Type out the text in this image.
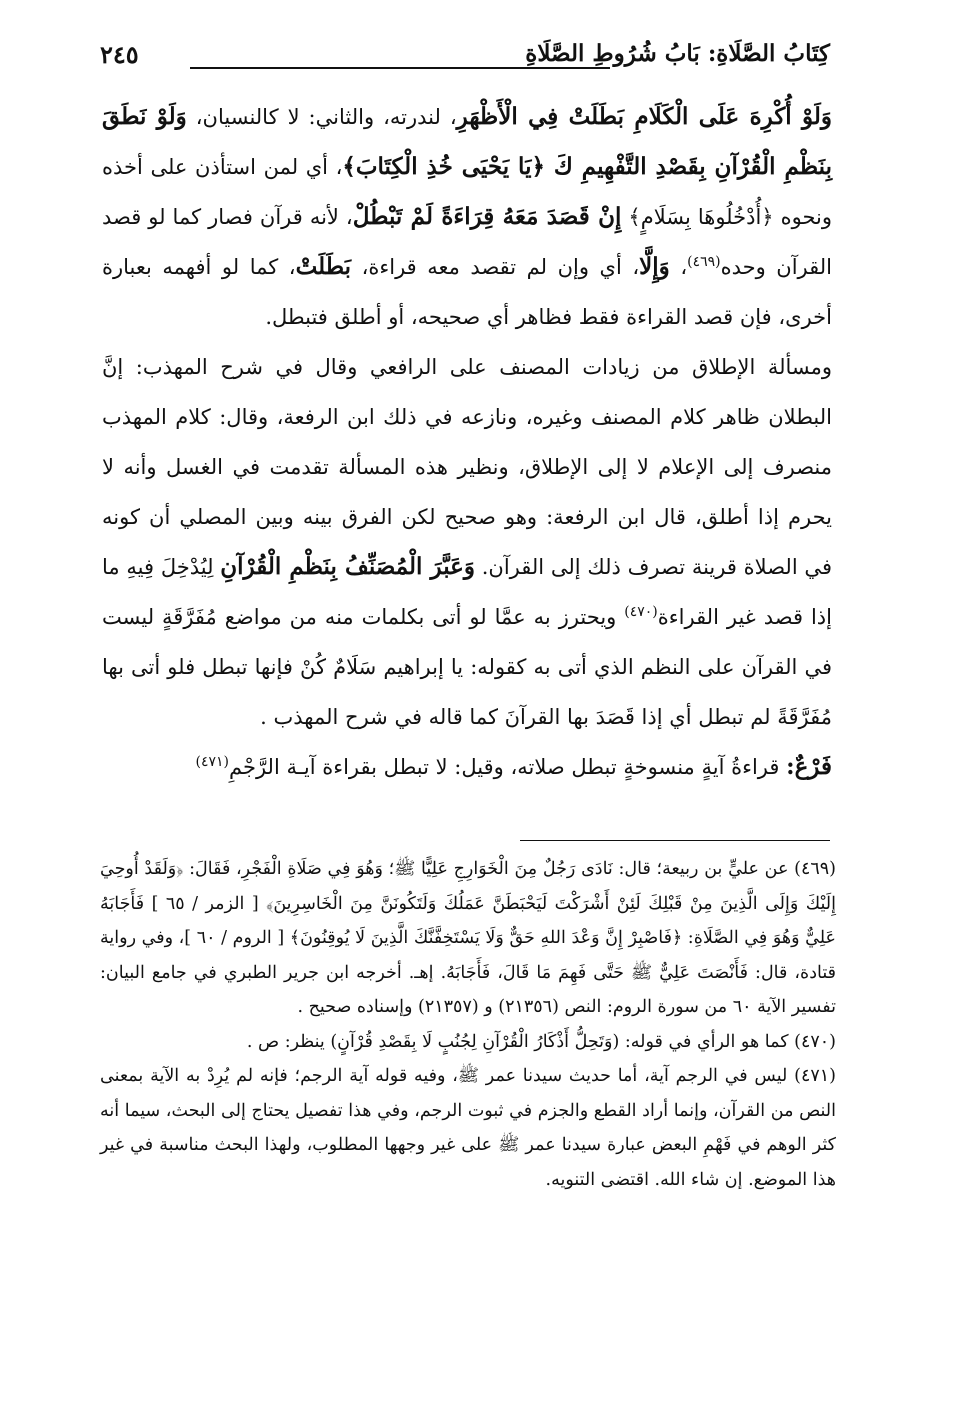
كِتَابُ الصَّلَاةِ: بَابُ شُرُوطِ الصَّلَاةِ
٢٤٥

وَلَوْ أُكْرِهَ عَلَى الْكَلَامِ بَطَلَتْ فِي الْأَظْهَرِ، لندرته، والثاني: لا كالنسيان، وَلَوْ نَطَقَ بِنَظْمِ الْقُرْآنِ بِقَصْدِ التَّفْهِيمِ كَ ﴿يَا يَحْيَى خُذِ الْكِتَابَ﴾، أي لمن استأذن على أخذه ونحوه ﴿أُدْخُلُوهَا بِسَلَامٍ﴾ إِنْ قَصَدَ مَعَهُ قِرَاءَةً لَمْ تَبْطُلْ، لأنه قرآن فصار كما لو قصد القرآن وحده$^{(٤٦٩)}$، وَإِلَّا، أي وإن لم تقصد معه قراءة، بَطَلَتْ، كما لو أفهمه بعبارة أخرى، فإن قصد القراءة فقط فظاهر أي صحيحه، أو أطلق فتبطل.

ومسألة الإطلاق من زيادات المصنف على الرافعي وقال في شرح المهذب: إنَّ البطلان ظاهر كلام المصنف وغيره، ونازعه في ذلك ابن الرفعة، وقال: كلام المهذب منصرف إلى الإعلام لا إلى الإطلاق، ونظير هذه المسألة تقدمت في الغسل وأنه لا يحرم إذا أطلق، قال ابن الرفعة: وهو صحيح لكن الفرق بينه وبين المصلي أن كونه في الصلاة قرينة تصرف ذلك إلى القرآن. وَعَبَّرَ الْمُصَنِّفُ بِنَظْمِ الْقُرْآنِ لِيُدْخِلَ فِيهِ ما إذا قصد غير القراءة$^{(٤٧٠)}$ ويحترز به عمَّا لو أتى بكلمات منه من مواضع مُفَرَّقَةٍ ليست في القرآن على النظم الذي أتى به كقوله: يا إبراهيم سَلَامٌ كُنْ فإنها تبطل فلو أتى بها مُفَرَّقَةً لم تبطل أي إذا قَصَدَ بها القرآنَ كما قاله في شرح المهذب .

فَرْعٌ: قراءةُ آيةٍ منسوخةٍ تبطل صلاته، وقيل: لا تبطل بقراءة آيـة الرَّجْمِ$^{(٤٧١)}$

(٤٦٩) عن عليٍّ بن ربيعة؛ قال: نَادَى رَجُلٌ مِنَ الْخَوَارِجِ عَلِيًّا ﷺ؛ وَهُوَ فِي صَلَاةِ الْفَجْرِ، فَقَالَ: ﴿وَلَقَدْ أُوحِيَ إِلَيْكَ وَإِلَى الَّذِينَ مِنْ قَبْلِكَ لَئِنْ أَشْرَكْتَ لَيَحْبَطَنَّ عَمَلُكَ وَلَتَكُونَنَّ مِنَ الْخَاسِرِينَ﴾ [ الزمر / ٦٥ ] فَأَجَابَهُ عَلِيٌّ وَهُوَ فِي الصَّلَاةِ: ﴿فَاصْبِرْ إِنَّ وَعْدَ اللهِ حَقٌّ وَلَا يَسْتَخِفَّنَّكَ الَّذِينَ لَا يُوقِنُونَ﴾ [ الروم / ٦٠ ]، وفي رواية قتادة، قال: فَأَنْصَتَ عَلِيٌّ ﷺ حَتَّى فَهِمَ مَا قَالَ، فَأَجَابَهُ. إهـ. أخرجه ابن جرير الطبري في جامع البيان: تفسير الآية ٦٠ من سورة الروم: النص (٢١٣٥٦) و (٢١٣٥٧) وإسناده صحيح .

(٤٧٠) كما هو الرأي في قوله: (وَتَحِلُّ أَذْكَارُ الْقُرْآنِ لِجُنُبٍ لَا بِقَصْدِ قُرْآنٍ) ينظر: ص .

(٤٧١) ليس في الرجم آية، أما حديث سيدنا عمر ﷺ، وفيه قوله آية الرجم؛ فإنه لم يُرِدْ به الآية بمعنى النص من القرآن، وإنما أراد القطع والجزم في ثبوت الرجم، وفي هذا تفصيل يحتاج إلى البحث، سيما أنه كثر الوهم في فَهْمِ البعض عبارة سيدنا عمر ﷺ على غير وجهها المطلوب، ولهذا البحث مناسبة في غير هذا الموضع. إن شاء الله. اقتضى التنويه.
